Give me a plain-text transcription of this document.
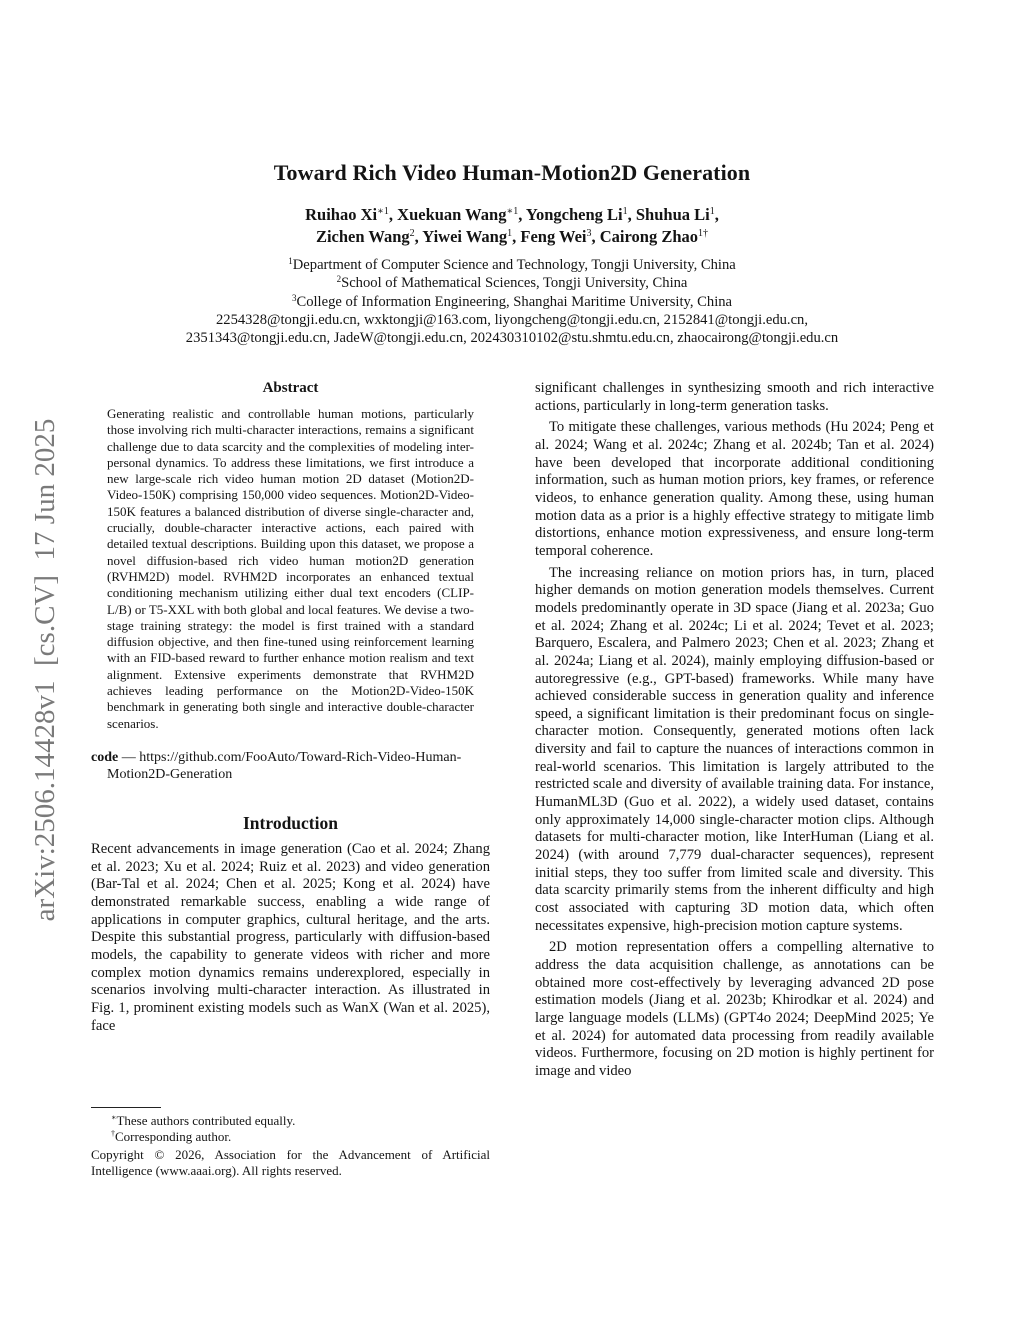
arXiv:2506.14428v1  [cs.CV]  17 Jun 2025
Toward Rich Video Human-Motion2D Generation
Ruihao $Xi^{∗1}$, Xuekuan Wang$^{∗1}$, Yongcheng Li$^1$, Shuhua Li$^1$,
Zichen Wang$^2$, Yiwei Wang$^1$, Feng Wei$^3$, Cairong Zhao$^{1\dagger}$
$^1$Department of Computer Science and Technology, Tongji University, China
$^2$School of Mathematical Sciences, Tongji University, China
$^3$College of Information Engineering, Shanghai Maritime University, China
2254328@tongji.edu.cn, wxktongji@163.com, liyongcheng@tongji.edu.cn, 2152841@tongji.edu.cn,
2351343@tongji.edu.cn, JadeW@tongji.edu.cn, 202430310102@stu.shmtu.edu.cn, zhaocairong@tongji.edu.cn
Abstract

Generating realistic and controllable human motions, particularly those involving rich multi-character interactions, remains a significant challenge due to data scarcity and the complexities of modeling inter-personal dynamics. To address these limitations, we first introduce a new large-scale rich video human motion 2D dataset (Motion2D-Video-150K) comprising 150,000 video sequences. Motion2D-Video-150K features a balanced distribution of diverse single-character and, crucially, double-character interactive actions, each paired with detailed textual descriptions. Building upon this dataset, we propose a novel diffusion-based rich video human motion2D generation (RVHM2D) model. RVHM2D incorporates an enhanced textual conditioning mechanism utilizing either dual text encoders (CLIP-L/B) or T5-XXL with both global and local features. We devise a two-stage training strategy: the model is first trained with a standard diffusion objective, and then fine-tuned using reinforcement learning with an FID-based reward to further enhance motion realism and text alignment. Extensive experiments demonstrate that RVHM2D achieves leading performance on the Motion2D-Video-150K benchmark in generating both single and interactive double-character scenarios.

code — https://github.com/FooAuto/Toward-Rich-Video-Human-Motion2D-Generation
Introduction

Recent advancements in image generation (Cao et al. 2024; Zhang et al. 2023; Xu et al. 2024; Ruiz et al. 2023) and video generation (Bar-Tal et al. 2024; Chen et al. 2025; Kong et al. 2024) have demonstrated remarkable success, enabling a wide range of applications in computer graphics, cultural heritage, and the arts. Despite this substantial progress, particularly with diffusion-based models, the capability to generate videos with richer and more complex motion dynamics remains underexplored, especially in scenarios involving multi-character interaction. As illustrated in Fig. 1, prominent existing models such as WanX (Wan et al. 2025), face

significant challenges in synthesizing smooth and rich interactive actions, particularly in long-term generation tasks.

To mitigate these challenges, various methods (Hu 2024; Peng et al. 2024; Wang et al. 2024c; Zhang et al. 2024b; Tan et al. 2024) have been developed that incorporate additional conditioning information, such as human motion priors, key frames, or reference videos, to enhance generation quality. Among these, using human motion data as a prior is a highly effective strategy to mitigate limb distortions, enhance motion expressiveness, and ensure long-term temporal coherence.

The increasing reliance on motion priors has, in turn, placed higher demands on motion generation models themselves. Current models predominantly operate in 3D space (Jiang et al. 2023a; Guo et al. 2024; Zhang et al. 2024c; Li et al. 2024; Tevet et al. 2023; Barquero, Escalera, and Palmero 2023; Chen et al. 2023; Zhang et al. 2024a; Liang et al. 2024), mainly employing diffusion-based or autoregressive (e.g., GPT-based) frameworks. While many have achieved considerable success in generation quality and inference speed, a significant limitation is their predominant focus on single-character motion. Consequently, generated motions often lack diversity and fail to capture the nuances of interactions common in real-world scenarios. This limitation is largely attributed to the restricted scale and diversity of available training data. For instance, HumanML3D (Guo et al. 2022), a widely used dataset, contains only approximately 14,000 single-character motion clips. Although datasets for multi-character motion, like InterHuman (Liang et al. 2024) (with around 7,779 dual-character sequences), represent initial steps, they too suffer from limited scale and diversity. This data scarcity primarily stems from the inherent difficulty and high cost associated with capturing 3D motion data, which often necessitates expensive, high-precision motion capture systems.

2D motion representation offers a compelling alternative to address the data acquisition challenge, as annotations can be obtained more cost-effectively by leveraging advanced 2D pose estimation models (Jiang et al. 2023b; Khirodkar et al. 2024) and large language models (LLMs) (GPT4o 2024; DeepMind 2025; Ye et al. 2024) for automated data processing from readily available videos. Furthermore, focusing on 2D motion is highly pertinent for image and video

∗These authors contributed equally.
†Corresponding author.
Copyright © 2026, Association for the Advancement of Artificial Intelligence (www.aaai.org). All rights reserved.
